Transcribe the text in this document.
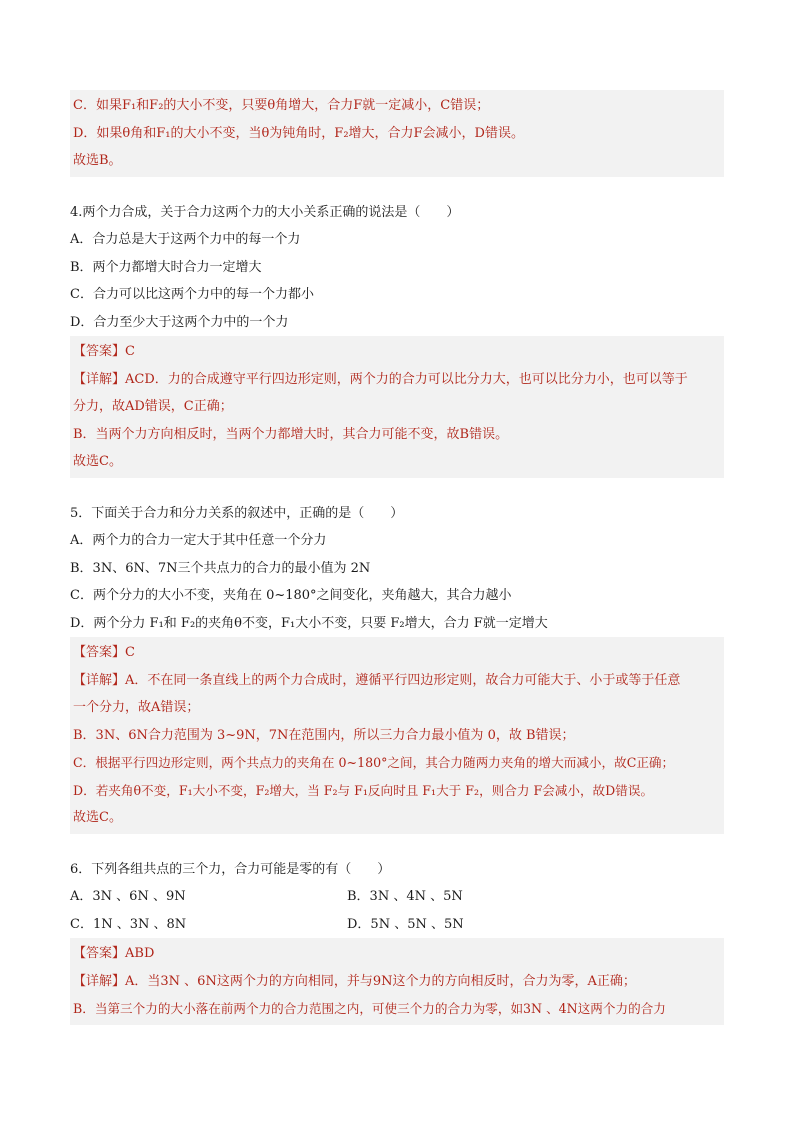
C．如果F₁和F₂的大小不变，只要θ角增大，合力F就一定减小，C错误；
D．如果θ角和F₁的大小不变，当θ为钝角时，F₂增大，合力F会减小，D错误。
故选B。
4.两个力合成，关于合力这两个力的大小关系正确的说法是（　　）
A．合力总是大于这两个力中的每一个力
B．两个力都增大时合力一定增大
C．合力可以比这两个力中的每一个力都小
D．合力至少大于这两个力中的一个力
【答案】C
【详解】ACD．力的合成遵守平行四边形定则，两个力的合力可以比分力大，也可以比分力小，也可以等于
分力，故AD错误，C正确；
B．当两个力方向相反时，当两个力都增大时，其合力可能不变，故B错误。
故选C。
5．下面关于合力和分力关系的叙述中，正确的是（　　）
A．两个力的合力一定大于其中任意一个分力
B．3N、6N、7N三个共点力的合力的最小值为 2N
C．两个分力的大小不变，夹角在 0~180°之间变化，夹角越大，其合力越小
D．两个分力 F₁和 F₂的夹角θ不变，F₁大小不变，只要 F₂增大，合力 F就一定增大
【答案】C
【详解】A．不在同一条直线上的两个力合成时，遵循平行四边形定则，故合力可能大于、小于或等于任意
一个分力，故A错误；
B．3N、6N合力范围为 3~9N，7N在范围内，所以三力合力最小值为 0，故 B错误；
C．根据平行四边形定则，两个共点力的夹角在 0~180°之间，其合力随两力夹角的增大而减小，故C正确；
D．若夹角θ不变，F₁大小不变，F₂增大，当 F₂与 F₁反向时且 F₁大于 F₂，则合力 F会减小，故D错误。
故选C。
6．下列各组共点的三个力，合力可能是零的有（　　）
A．3N 、6N 、9N	B．3N 、4N 、5N
C．1N 、3N 、8N	D．5N 、5N 、5N
【答案】ABD
【详解】A．当3N 、6N这两个力的方向相同，并与9N这个力的方向相反时，合力为零，A正确；
B．当第三个力的大小落在前两个力的合力范围之内，可使三个力的合力为零，如3N 、4N这两个力的合力
